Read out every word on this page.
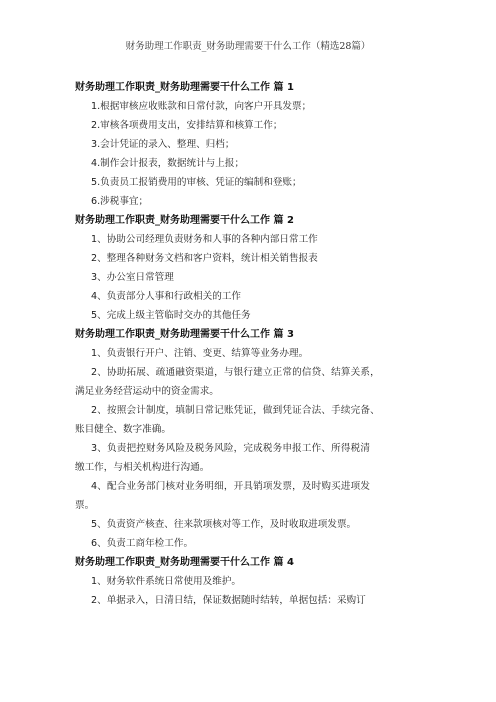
财务助理工作职责_财务助理需要干什么工作（精选28篇）
财务助理工作职责_财务助理需要干什么工作 篇 1
1.根据审核应收账款和日常付款，向客户开具发票；
2.审核各项费用支出，安排结算和核算工作；
3.会计凭证的录入、整理、归档；
4.制作会计报表，数据统计与上报；
5.负责员工报销费用的审核、凭证的编制和登账；
6.涉税事宜；
财务助理工作职责_财务助理需要干什么工作 篇 2
1、协助公司经理负责财务和人事的各种内部日常工作
2、整理各种财务文档和客户资料，统计相关销售报表
3、办公室日常管理
4、负责部分人事和行政相关的工作
5、完成上级主管临时交办的其他任务
财务助理工作职责_财务助理需要干什么工作 篇 3
1、负责银行开户、注销、变更、结算等业务办理。
2、协助拓展、疏通融资渠道，与银行建立正常的信贷、结算关系，
满足业务经营运动中的资金需求。
2、按照会计制度，填制日常记账凭证，做到凭证合法、手续完备、
账目健全、数字准确。
3、负责把控财务风险及税务风险，完成税务申报工作、所得税清
缴工作，与相关机构进行沟通。
4、配合业务部门核对业务明细，开具销项发票，及时购买进项发
票。
5、负责资产核查、往来款项核对等工作，及时收取进项发票。
6、负责工商年检工作。
财务助理工作职责_财务助理需要干什么工作 篇 4
1、财务软件系统日常使用及维护。
2、单据录入，日清日结，保证数据随时结转，单据包括：采购订
